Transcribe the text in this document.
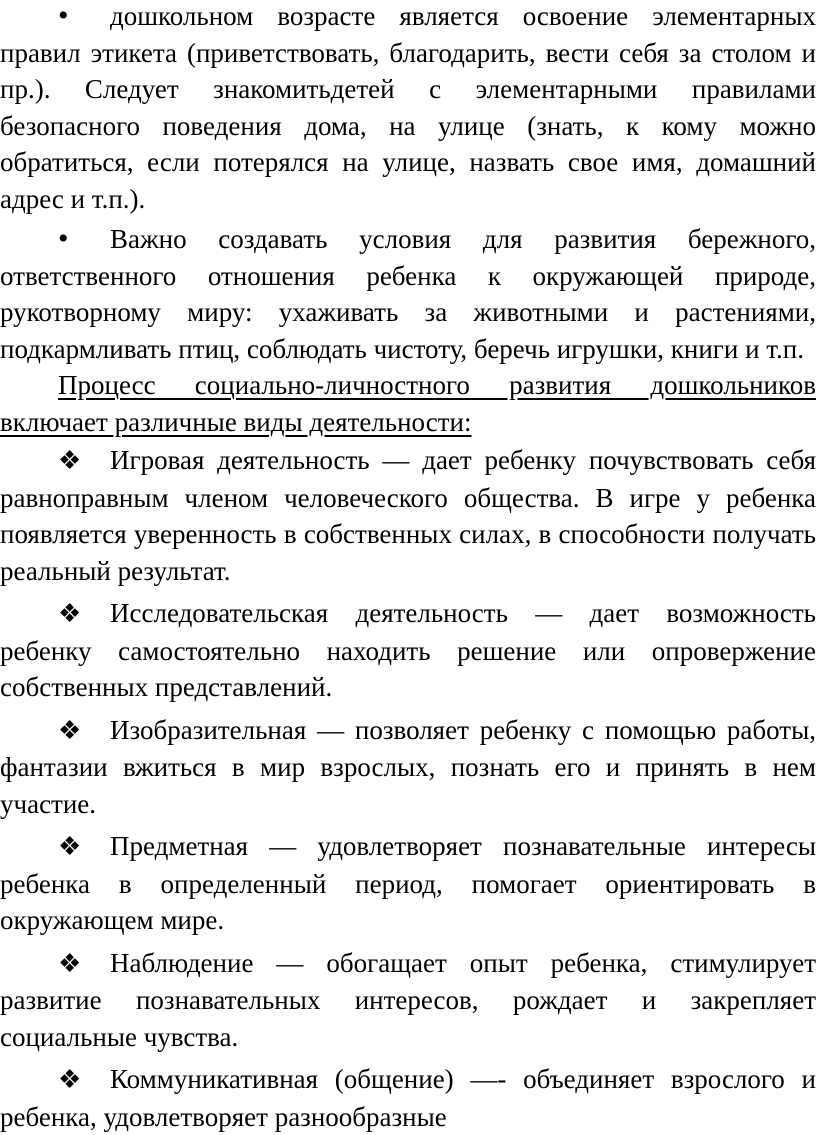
• дошкольном возрасте является освоение элементарных правил этикета (приветствовать, благодарить, вести себя за столом и пр.). Следует знакомитьдетей с элементарными правилами безопасного поведения дома, на улице (знать, к кому можно обратиться, если потерялся на улице, назвать свое имя, домашний адрес и т.п.).

• Важно создавать условия для развития бережного, ответственного отношения ребенка к окружающей природе, рукотворному миру: ухаживать за животными и растениями, подкармливать птиц, соблюдать чистоту, беречь игрушки, книги и т.п.

Процесс социально-личностного развития дошкольников включает различные виды деятельности:

❖ Игровая деятельность — дает ребенку почувствовать себя равноправным членом человеческого общества. В игре у ребенка появляется уверенность в собственных силах, в способности получать реальный результат.

❖ Исследовательская деятельность — дает возможность ребенку самостоятельно находить решение или опровержение собственных представлений.

❖ Изобразительная — позволяет ребенку с помощью работы, фантазии вжиться в мир взрослых, познать его и принять в нем участие.

❖ Предметная — удовлетворяет познавательные интересы ребенка в определенный период, помогает ориентировать в окружающем мире.

❖ Наблюдение — обогащает опыт ребенка, стимулирует развитие познавательных интересов, рождает и закрепляет социальные чувства.

❖ Коммуникативная (общение) —- объединяет взрослого и ребенка, удовлетворяет разнообразные
